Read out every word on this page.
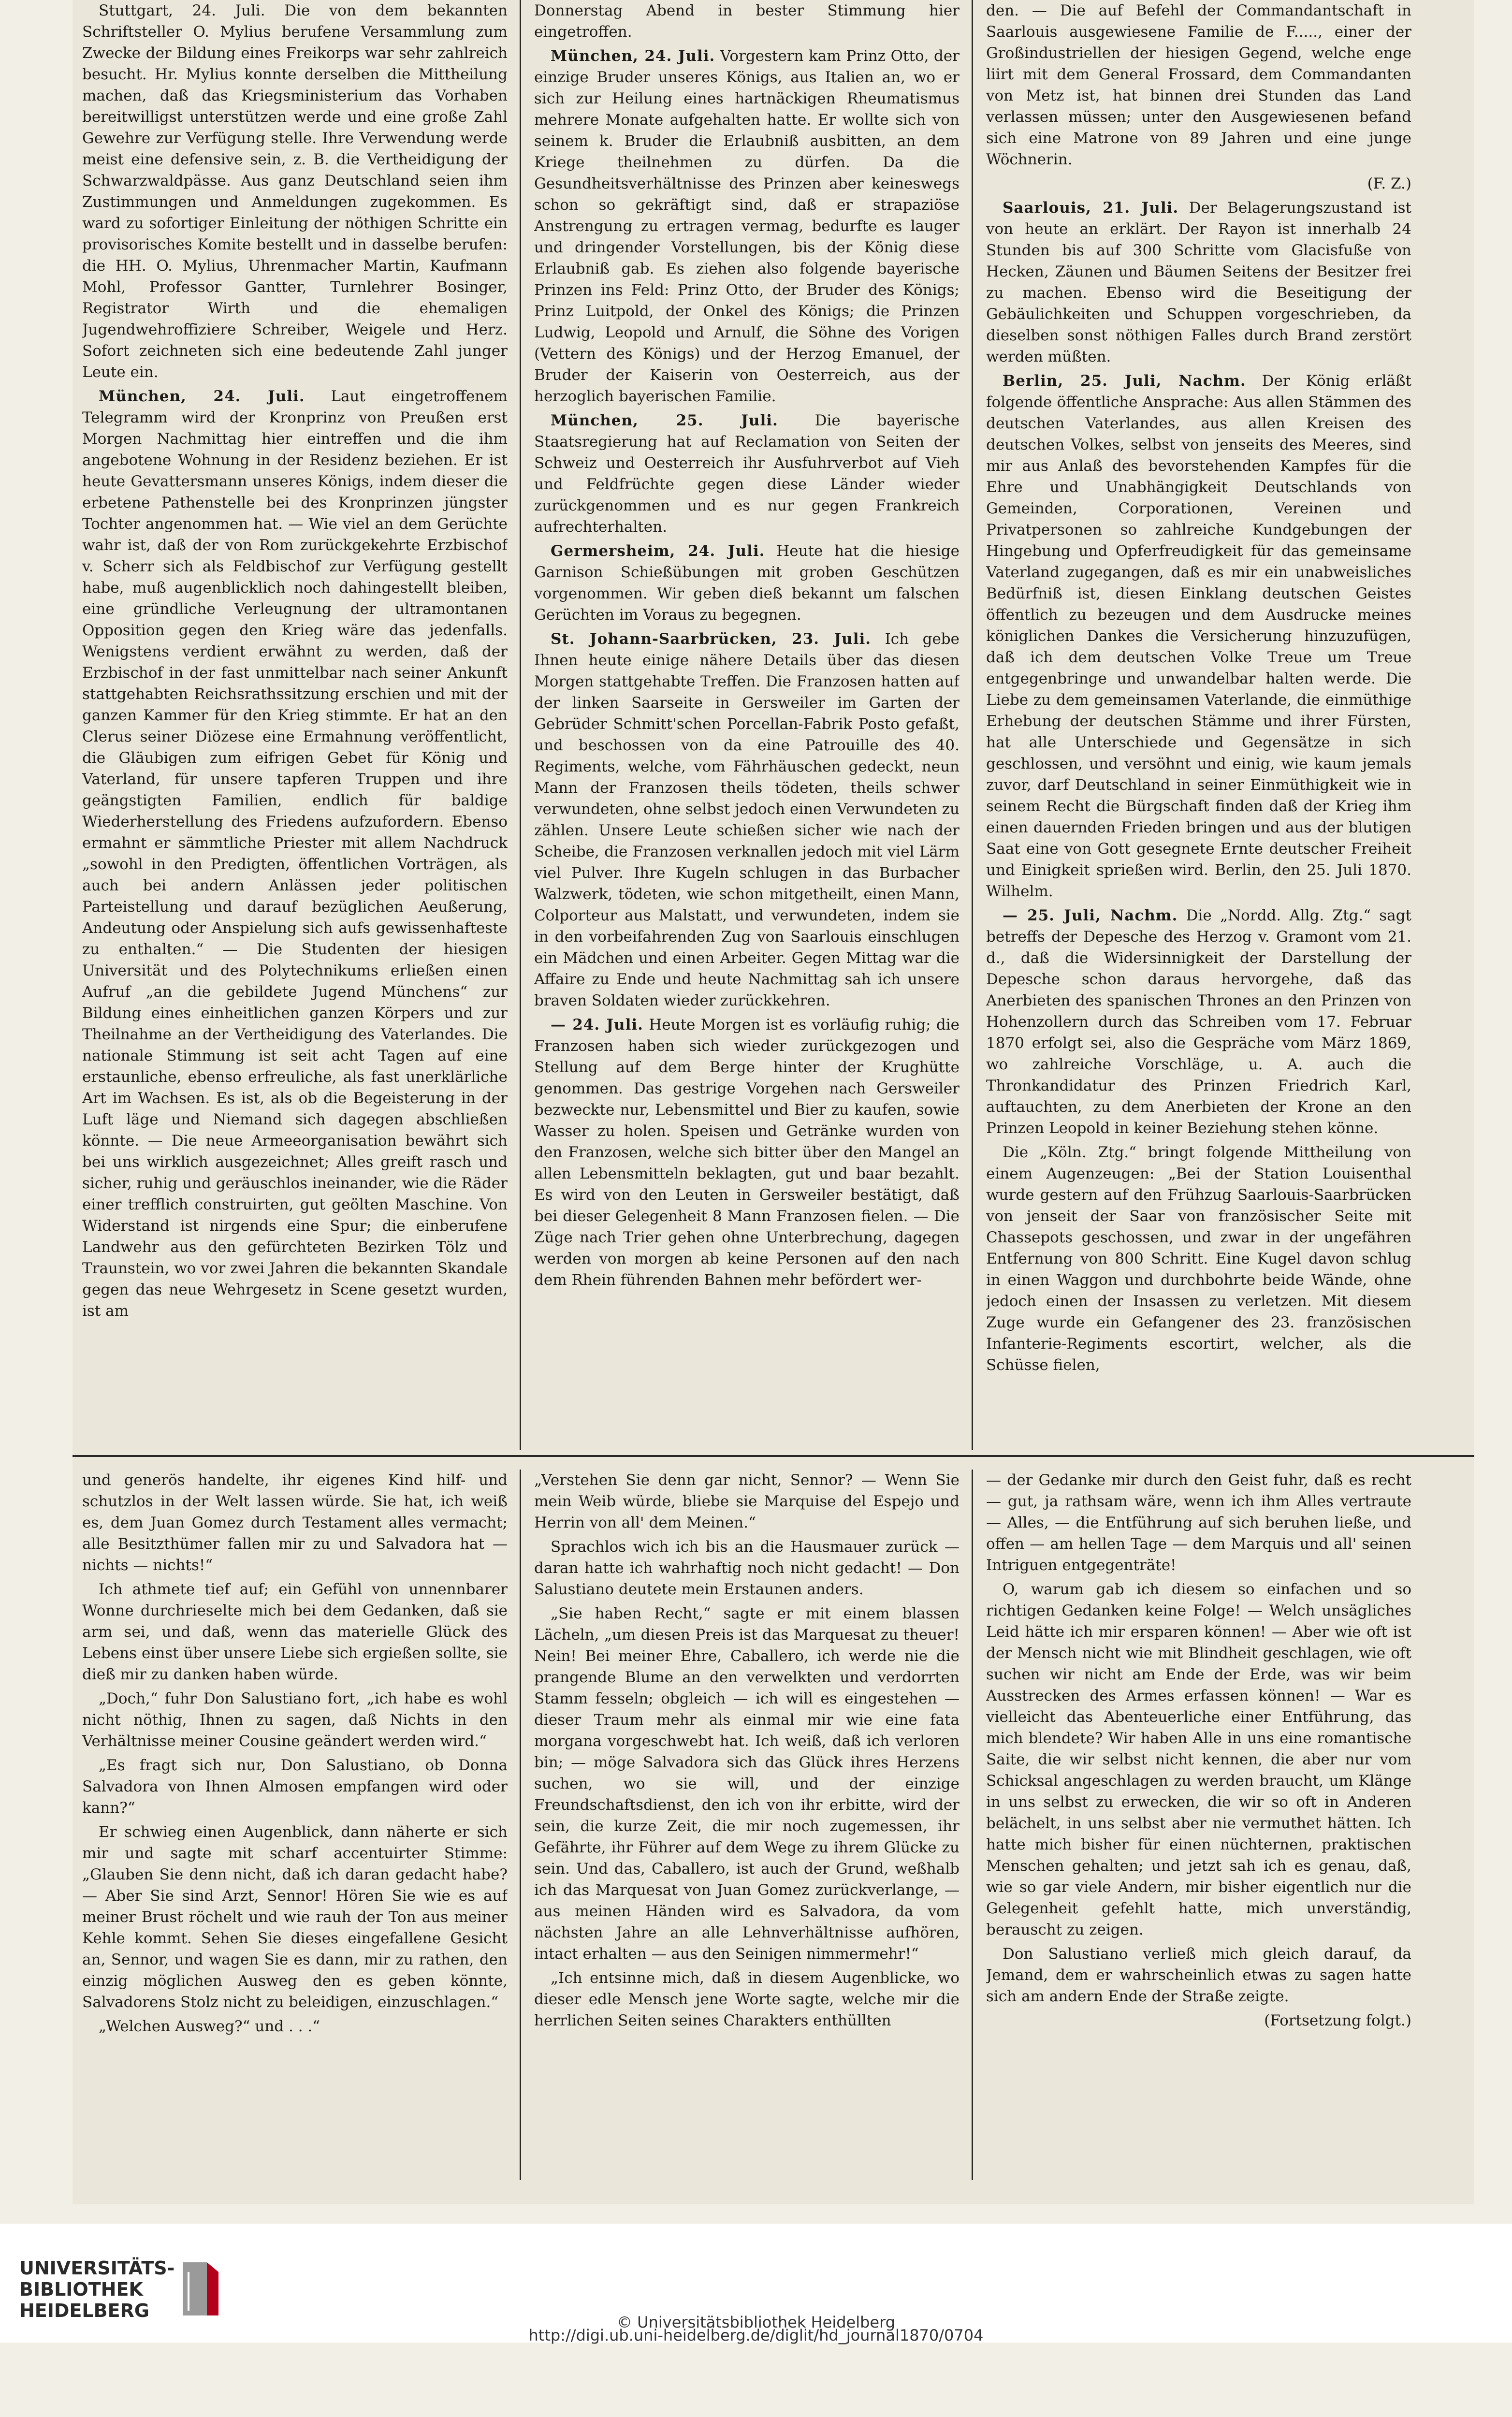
Stuttgart, 24. Juli. Die von dem bekannten Schriftsteller O. Mylius berufene Versammlung zum Zwecke der Bildung eines Freikorps war sehr zahlreich besucht. Hr. Mylius konnte derselben die Mittheilung machen, daß das Kriegsministerium das Vorhaben bereitwilligst unterstützen werde und eine große Zahl Gewehre zur Verfügung stelle. Ihre Verwendung werde meist eine defensive sein, z. B. die Vertheidigung der Schwarzwaldpässe. Aus ganz Deutschland seien ihm Zustimmungen und Anmeldungen zugekommen. Es ward zu sofortiger Einleitung der nöthigen Schritte ein provisorisches Komite bestellt und in dasselbe berufen: die HH. O. Mylius, Uhrenmacher Martin, Kaufmann Mohl, Professor Gantter, Turnlehrer Bosinger, Registrator Wirth und die ehemaligen Jugendwehroffiziere Schreiber, Weigele und Herz. Sofort zeichneten sich eine bedeutende Zahl junger Leute ein.

München, 24. Juli. Laut eingetroffenem Telegramm wird der Kronprinz von Preußen erst Morgen Nachmittag hier eintreffen und die ihm angebotene Wohnung in der Residenz beziehen. Er ist heute Gevattersmann unseres Königs, indem dieser die erbetene Pathenstelle bei des Kronprinzen jüngster Tochter angenommen hat. — Wie viel an dem Gerüchte wahr ist, daß der von Rom zurückgekehrte Erzbischof v. Scherr sich als Feldbischof zur Verfügung gestellt habe, muß augenblicklich noch dahingestellt bleiben, eine gründliche Verleugnung der ultramontanen Opposition gegen den Krieg wäre das jedenfalls. Wenigstens verdient erwähnt zu werden, daß der Erzbischof in der fast unmittelbar nach seiner Ankunft stattgehabten Reichsrathssitzung erschien und mit der ganzen Kammer für den Krieg stimmte. Er hat an den Clerus seiner Diözese eine Ermahnung veröffentlicht, die Gläubigen zum eifrigen Gebet für König und Vaterland, für unsere tapferen Truppen und ihre geängstigten Familien, endlich für baldige Wiederherstellung des Friedens aufzufordern. Ebenso ermahnt er sämmtliche Priester mit allem Nachdruck „sowohl in den Predigten, öffentlichen Vorträgen, als auch bei andern Anlässen jeder politischen Parteistellung und darauf bezüglichen Aeußerung, Andeutung oder Anspielung sich aufs gewissenhafteste zu enthalten.“ — Die Studenten der hiesigen Universität und des Polytechnikums erließen einen Aufruf „an die gebildete Jugend Münchens“ zur Bildung eines einheitlichen ganzen Körpers und zur Theilnahme an der Vertheidigung des Vaterlandes. Die nationale Stimmung ist seit acht Tagen auf eine erstaunliche, ebenso erfreuliche, als fast unerklärliche Art im Wachsen. Es ist, als ob die Begeisterung in der Luft läge und Niemand sich dagegen abschließen könnte. — Die neue Armeeorganisation bewährt sich bei uns wirklich ausgezeichnet; Alles greift rasch und sicher, ruhig und geräuschlos ineinander, wie die Räder einer trefflich construirten, gut geölten Maschine. Von Widerstand ist nirgends eine Spur; die einberufene Landwehr aus den gefürchteten Bezirken Tölz und Traunstein, wo vor zwei Jahren die bekannten Skandale gegen das neue Wehrgesetz in Scene gesetzt wurden, ist am

Donnerstag Abend in bester Stimmung hier eingetroffen.

München, 24. Juli. Vorgestern kam Prinz Otto, der einzige Bruder unseres Königs, aus Italien an, wo er sich zur Heilung eines hartnäckigen Rheumatismus mehrere Monate aufgehalten hatte. Er wollte sich von seinem k. Bruder die Erlaubniß ausbitten, an dem Kriege theilnehmen zu dürfen. Da die Gesundheitsverhältnisse des Prinzen aber keineswegs schon so gekräftigt sind, daß er strapaziöse Anstrengung zu ertragen vermag, bedurfte es lauger und dringender Vorstellungen, bis der König diese Erlaubniß gab. Es ziehen also folgende bayerische Prinzen ins Feld: Prinz Otto, der Bruder des Königs; Prinz Luitpold, der Onkel des Königs; die Prinzen Ludwig, Leopold und Arnulf, die Söhne des Vorigen (Vettern des Königs) und der Herzog Emanuel, der Bruder der Kaiserin von Oesterreich, aus der herzoglich bayerischen Familie.

München, 25. Juli. Die bayerische Staatsregierung hat auf Reclamation von Seiten der Schweiz und Oesterreich ihr Ausfuhrverbot auf Vieh und Feldfrüchte gegen diese Länder wieder zurückgenommen und es nur gegen Frankreich aufrechterhalten.

Germersheim, 24. Juli. Heute hat die hiesige Garnison Schießübungen mit groben Geschützen vorgenommen. Wir geben dieß bekannt um falschen Gerüchten im Voraus zu begegnen.

St. Johann-Saarbrücken, 23. Juli. Ich gebe Ihnen heute einige nähere Details über das diesen Morgen stattgehabte Treffen. Die Franzosen hatten auf der linken Saarseite in Gersweiler im Garten der Gebrüder Schmitt'schen Porcellan-Fabrik Posto gefaßt, und beschossen von da eine Patrouille des 40. Regiments, welche, vom Fährhäuschen gedeckt, neun Mann der Franzosen theils tödeten, theils schwer verwundeten, ohne selbst jedoch einen Verwundeten zu zählen. Unsere Leute schießen sicher wie nach der Scheibe, die Franzosen verknallen jedoch mit viel Lärm viel Pulver. Ihre Kugeln schlugen in das Burbacher Walzwerk, tödeten, wie schon mitgetheilt, einen Mann, Colporteur aus Malstatt, und verwundeten, indem sie in den vorbeifahrenden Zug von Saarlouis einschlugen ein Mädchen und einen Arbeiter. Gegen Mittag war die Affaire zu Ende und heute Nachmittag sah ich unsere braven Soldaten wieder zurückkehren.

— 24. Juli. Heute Morgen ist es vorläufig ruhig; die Franzosen haben sich wieder zurückgezogen und Stellung auf dem Berge hinter der Krughütte genommen. Das gestrige Vorgehen nach Gersweiler bezweckte nur, Lebensmittel und Bier zu kaufen, sowie Wasser zu holen. Speisen und Getränke wurden von den Franzosen, welche sich bitter über den Mangel an allen Lebensmitteln beklagten, gut und baar bezahlt. Es wird von den Leuten in Gersweiler bestätigt, daß bei dieser Gelegenheit 8 Mann Franzosen fielen. — Die Züge nach Trier gehen ohne Unterbrechung, dagegen werden von morgen ab keine Personen auf den nach dem Rhein führenden Bahnen mehr befördert wer-

den. — Die auf Befehl der Commandantschaft in Saarlouis ausgewiesene Familie de F....., einer der Großindustriellen der hiesigen Gegend, welche enge liirt mit dem General Frossard, dem Commandanten von Metz ist, hat binnen drei Stunden das Land verlassen müssen; unter den Ausgewiesenen befand sich eine Matrone von 89 Jahren und eine junge Wöchnerin.

(F. Z.)

Saarlouis, 21. Juli. Der Belagerungszustand ist von heute an erklärt. Der Rayon ist innerhalb 24 Stunden bis auf 300 Schritte vom Glacisfuße von Hecken, Zäunen und Bäumen Seitens der Besitzer frei zu machen. Ebenso wird die Beseitigung der Gebäulichkeiten und Schuppen vorgeschrieben, da dieselben sonst nöthigen Falles durch Brand zerstört werden müßten.

Berlin, 25. Juli, Nachm. Der König erläßt folgende öffentliche Ansprache: Aus allen Stämmen des deutschen Vaterlandes, aus allen Kreisen des deutschen Volkes, selbst von jenseits des Meeres, sind mir aus Anlaß des bevorstehenden Kampfes für die Ehre und Unabhängigkeit Deutschlands von Gemeinden, Corporationen, Vereinen und Privatpersonen so zahlreiche Kundgebungen der Hingebung und Opferfreudigkeit für das gemeinsame Vaterland zugegangen, daß es mir ein unabweisliches Bedürfniß ist, diesen Einklang deutschen Geistes öffentlich zu bezeugen und dem Ausdrucke meines königlichen Dankes die Versicherung hinzuzufügen, daß ich dem deutschen Volke Treue um Treue entgegenbringe und unwandelbar halten werde. Die Liebe zu dem gemeinsamen Vaterlande, die einmüthige Erhebung der deutschen Stämme und ihrer Fürsten, hat alle Unterschiede und Gegensätze in sich geschlossen, und versöhnt und einig, wie kaum jemals zuvor, darf Deutschland in seiner Einmüthigkeit wie in seinem Recht die Bürgschaft finden daß der Krieg ihm einen dauernden Frieden bringen und aus der blutigen Saat eine von Gott gesegnete Ernte deutscher Freiheit und Einigkeit sprießen wird. Berlin, den 25. Juli 1870. Wilhelm.

— 25. Juli, Nachm. Die „Nordd. Allg. Ztg.“ sagt betreffs der Depesche des Herzog v. Gramont vom 21. d., daß die Widersinnigkeit der Darstellung der Depesche schon daraus hervorgehe, daß das Anerbieten des spanischen Thrones an den Prinzen von Hohenzollern durch das Schreiben vom 17. Februar 1870 erfolgt sei, also die Gespräche vom März 1869, wo zahlreiche Vorschläge, u. A. auch die Thronkandidatur des Prinzen Friedrich Karl, auftauchten, zu dem Anerbieten der Krone an den Prinzen Leopold in keiner Beziehung stehen könne.

Die „Köln. Ztg.“ bringt folgende Mittheilung von einem Augenzeugen: „Bei der Station Louisenthal wurde gestern auf den Frühzug Saarlouis-Saarbrücken von jenseit der Saar von französischer Seite mit Chassepots geschossen, und zwar in der ungefähren Entfernung von 800 Schritt. Eine Kugel davon schlug in einen Waggon und durchbohrte beide Wände, ohne jedoch einen der Insassen zu verletzen. Mit diesem Zuge wurde ein Gefangener des 23. französischen Infanterie-Regiments escortirt, welcher, als die Schüsse fielen,

und generös handelte, ihr eigenes Kind hilf- und schutzlos in der Welt lassen würde. Sie hat, ich weiß es, dem Juan Gomez durch Testament alles vermacht; alle Besitzthümer fallen mir zu und Salvadora hat — nichts — nichts!“

Ich athmete tief auf; ein Gefühl von unnennbarer Wonne durchrieselte mich bei dem Gedanken, daß sie arm sei, und daß, wenn das materielle Glück des Lebens einst über unsere Liebe sich ergießen sollte, sie dieß mir zu danken haben würde.

„Doch,“ fuhr Don Salustiano fort, „ich habe es wohl nicht nöthig, Ihnen zu sagen, daß Nichts in den Verhältnisse meiner Cousine geändert werden wird.“

„Es fragt sich nur, Don Salustiano, ob Donna Salvadora von Ihnen Almosen empfangen wird oder kann?“

Er schwieg einen Augenblick, dann näherte er sich mir und sagte mit scharf accentuirter Stimme: „Glauben Sie denn nicht, daß ich daran gedacht habe? — Aber Sie sind Arzt, Sennor! Hören Sie wie es auf meiner Brust röchelt und wie rauh der Ton aus meiner Kehle kommt. Sehen Sie dieses eingefallene Gesicht an, Sennor, und wagen Sie es dann, mir zu rathen, den einzig möglichen Ausweg den es geben könnte, Salvadorens Stolz nicht zu beleidigen, einzuschlagen.“

„Welchen Ausweg?“ und . . .“

„Verstehen Sie denn gar nicht, Sennor? — Wenn Sie mein Weib würde, bliebe sie Marquise del Espejo und Herrin von all' dem Meinen.“

Sprachlos wich ich bis an die Hausmauer zurück — daran hatte ich wahrhaftig noch nicht gedacht! — Don Salustiano deutete mein Erstaunen anders.

„Sie haben Recht,“ sagte er mit einem blassen Lächeln, „um diesen Preis ist das Marquesat zu theuer! Nein! Bei meiner Ehre, Caballero, ich werde nie die prangende Blume an den verwelkten und verdorrten Stamm fesseln; obgleich — ich will es eingestehen — dieser Traum mehr als einmal mir wie eine fata morgana vorgeschwebt hat. Ich weiß, daß ich verloren bin; — möge Salvadora sich das Glück ihres Herzens suchen, wo sie will, und der einzige Freundschaftsdienst, den ich von ihr erbitte, wird der sein, die kurze Zeit, die mir noch zugemessen, ihr Gefährte, ihr Führer auf dem Wege zu ihrem Glücke zu sein. Und das, Caballero, ist auch der Grund, weßhalb ich das Marquesat von Juan Gomez zurückverlange, — aus meinen Händen wird es Salvadora, da vom nächsten Jahre an alle Lehnverhältnisse aufhören, intact erhalten — aus den Seinigen nimmermehr!“

„Ich entsinne mich, daß in diesem Augenblicke, wo dieser edle Mensch jene Worte sagte, welche mir die herrlichen Seiten seines Charakters enthüllten

— der Gedanke mir durch den Geist fuhr, daß es recht — gut, ja rathsam wäre, wenn ich ihm Alles vertraute — Alles, — die Entführung auf sich beruhen ließe, und offen — am hellen Tage — dem Marquis und all' seinen Intriguen entgegenträte!

O, warum gab ich diesem so einfachen und so richtigen Gedanken keine Folge! — Welch unsägliches Leid hätte ich mir ersparen können! — Aber wie oft ist der Mensch nicht wie mit Blindheit geschlagen, wie oft suchen wir nicht am Ende der Erde, was wir beim Ausstrecken des Armes erfassen können! — War es vielleicht das Abenteuerliche einer Entführung, das mich blendete? Wir haben Alle in uns eine romantische Saite, die wir selbst nicht kennen, die aber nur vom Schicksal angeschlagen zu werden braucht, um Klänge in uns selbst zu erwecken, die wir so oft in Anderen belächelt, in uns selbst aber nie vermuthet hätten. Ich hatte mich bisher für einen nüchternen, praktischen Menschen gehalten; und jetzt sah ich es genau, daß, wie so gar viele Andern, mir bisher eigentlich nur die Gelegenheit gefehlt hatte, mich unverständig, berauscht zu zeigen.

Don Salustiano verließ mich gleich darauf, da Jemand, dem er wahrscheinlich etwas zu sagen hatte sich am andern Ende der Straße zeigte.

(Fortsetzung folgt.)

UNIVERSITÄTS-
BIBLIOTHEK
HEIDELBERG
© Universitätsbibliothek Heidelberg
http://digi.ub.uni-heidelberg.de/diglit/hd_journal1870/0704
